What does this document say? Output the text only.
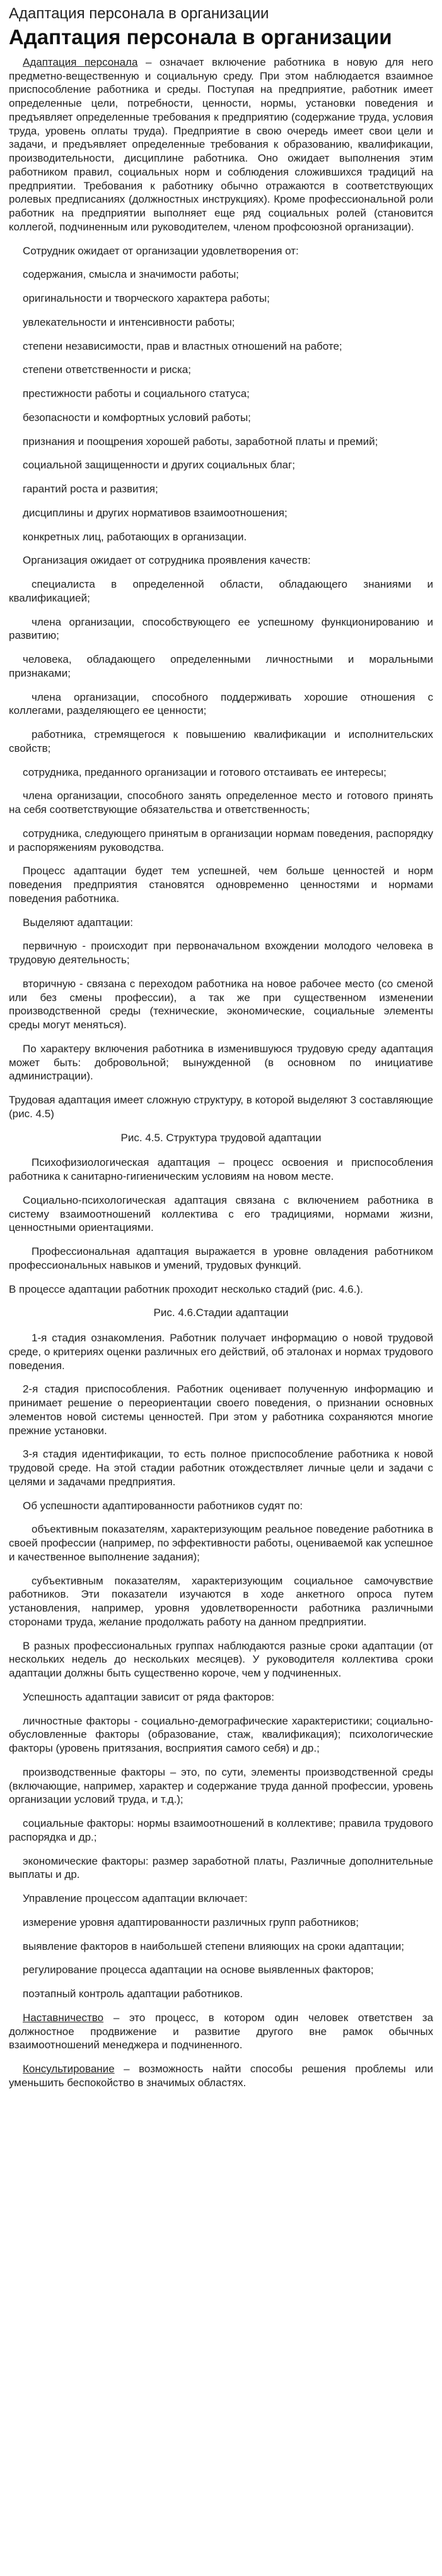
Адаптация персонала в организации
Адаптация персонала в организации

Адаптация персонала – означает включение работника в новую для него предметно-вещественную и социальную среду. При этом наблюдается взаимное приспособление работника и среды. Поступая на предприятие, работник имеет определенные цели, потребности, ценности, нормы, установки поведения и предъявляет определенные требования к предприятию (содержание труда, условия труда, уровень оплаты труда). Предприятие в свою очередь имеет свои цели и задачи, и предъявляет определенные требования к образованию, квалификации, производительности, дисциплине работника. Оно ожидает выполнения этим работником правил, социальных норм и соблюдения сложившихся традиций на предприятии. Требования к работнику обычно отражаются в соответствующих ролевых предписаниях (должностных инструкциях). Кроме профессиональной роли работник на предприятии выполняет еще ряд социальных ролей (становится коллегой, подчиненным или руководителем, членом профсоюзной организации).

Сотрудник ожидает от организации удовлетворения от:

содержания, смысла и значимости работы;

оригинальности и творческого характера работы;

увлекательности и интенсивности работы;

степени независимости, прав и властных отношений на работе;

степени ответственности и риска;

престижности работы и социального статуса;

безопасности и комфортных условий работы;

признания и поощрения хорошей работы, заработной платы и премий;

социальной защищенности и других социальных благ;

гарантий роста и развития;

дисциплины и других нормативов взаимоотношения;

конкретных лиц, работающих в организации.

Организация ожидает от сотрудника проявления качеств:

специалиста в определенной области, обладающего знаниями и квалификацией;

члена организации, способствующего ее успешному функционированию и развитию;

человека, обладающего определенными личностными и моральными признаками;

члена организации, способного поддерживать хорошие отношения с коллегами, разделяющего ее ценности;

работника, стремящегося к повышению квалификации и исполнительских свойств;

сотрудника, преданного организации и готового отстаивать ее интересы;

члена организации, способного занять определенное место и готового принять на себя соответствующие обязательства и ответственность;

сотрудника, следующего принятым в организации нормам поведения, распорядку и распоряжениям руководства.

Процесс адаптации будет тем успешней, чем больше ценностей и норм поведения предприятия становятся одновременно ценностями и нормами поведения работника.

Выделяют адаптации:

первичную - происходит при первоначальном вхождении молодого человека в трудовую деятельность;

вторичную - связана с переходом работника на новое рабочее место (со сменой или без смены профессии), а так же при существенном изменении производственной среды (технические, экономические, социальные элементы среды могут меняться).

По характеру включения работника в изменившуюся трудовую среду адаптация может быть: добровольной; вынужденной (в основном по инициативе администрации).

Трудовая адаптация имеет сложную структуру, в которой выделяют 3 составляющие (рис. 4.5)

Рис. 4.5. Структура трудовой адаптации

Психофизиологическая адаптация – процесс освоения и приспособления работника к санитарно-гигиеническим условиям на новом месте.

Социально-психологическая адаптация связана с включением работника в систему взаимоотношений коллектива с его традициями, нормами жизни, ценностными ориентациями.

Профессиональная адаптация выражается в уровне овладения работником профессиональных навыков и умений, трудовых функций.

В процессе адаптации работник проходит несколько стадий (рис. 4.6.).

Рис. 4.6.Стадии адаптации

1-я стадия ознакомления. Работник получает информацию о новой трудовой среде, о критериях оценки различных его действий, об эталонах и нормах трудового поведения.

2-я стадия приспособления. Работник оценивает полученную информацию и принимает решение о переориентации своего поведения, о признании основных элементов новой системы ценностей. При этом у работника сохраняются многие прежние установки.

3-я стадия идентификации, то есть полное приспособление работника к новой трудовой среде. На этой стадии работник отождествляет личные цели и задачи с целями и задачами предприятия.

Об успешности адаптированности работников судят по:

объективным показателям, характеризующим реальное поведение работника в своей профессии (например, по эффективности работы, оцениваемой как успешное и качественное выполнение задания);

субъективным показателям, характеризующим социальное самочувствие работников. Эти показатели изучаются в ходе анкетного опроса путем установления, например, уровня удовлетворенности работника различными сторонами труда, желание продолжать работу на данном предприятии.

В разных профессиональных группах наблюдаются разные сроки адаптации (от нескольких недель до нескольких месяцев). У руководителя коллектива сроки адаптации должны быть существенно короче, чем у подчиненных.

Успешность адаптации зависит от ряда факторов:

личностные факторы - социально-демографические характеристики; социально-обусловленные факторы (образование, стаж, квалификация); психологические факторы (уровень притязания, восприятия самого себя) и др.;

производственные факторы – это, по сути, элементы производственной среды (включающие, например, характер и содержание труда данной профессии, уровень организации условий труда, и т.д.);

социальные факторы: нормы взаимоотношений в коллективе; правила трудового распорядка и др.;

экономические факторы: размер заработной платы, Различные дополнительные выплаты и др.

Управление процессом адаптации включает:

измерение уровня адаптированности различных групп работников;

выявление факторов в наибольшей степени влияющих на сроки адаптации;

регулирование процесса адаптации на основе выявленных факторов;

поэтапный контроль адаптации работников.

Наставничество – это процесс, в котором один человек ответствен за должностное продвижение и развитие другого вне рамок обычных взаимоотношений менеджера и подчиненного.

Консультирование – возможность найти способы решения проблемы или уменьшить беспокойство в значимых областях.
